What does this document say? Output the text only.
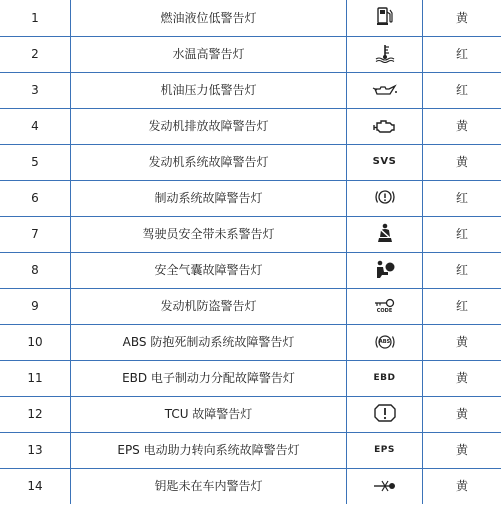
1	燃油液位低警告灯		黄
2	水温高警告灯		红
3	机油压力低警告灯		红
4	发动机排放故障警告灯		黄
5	发动机系统故障警告灯	SVS	黄
6	制动系统故障警告灯		红
7	驾驶员安全带未系警告灯		红
8	安全气囊故障警告灯		红
9	发动机防盗警告灯	CODE	红
10	ABS 防抱死制动系统故障警告灯	ABS	黄
11	EBD 电子制动力分配故障警告灯	EBD	黄
12	TCU 故障警告灯		黄
13	EPS 电动助力转向系统故障警告灯	EPS	黄
14	钥匙未在车内警告灯		黄
